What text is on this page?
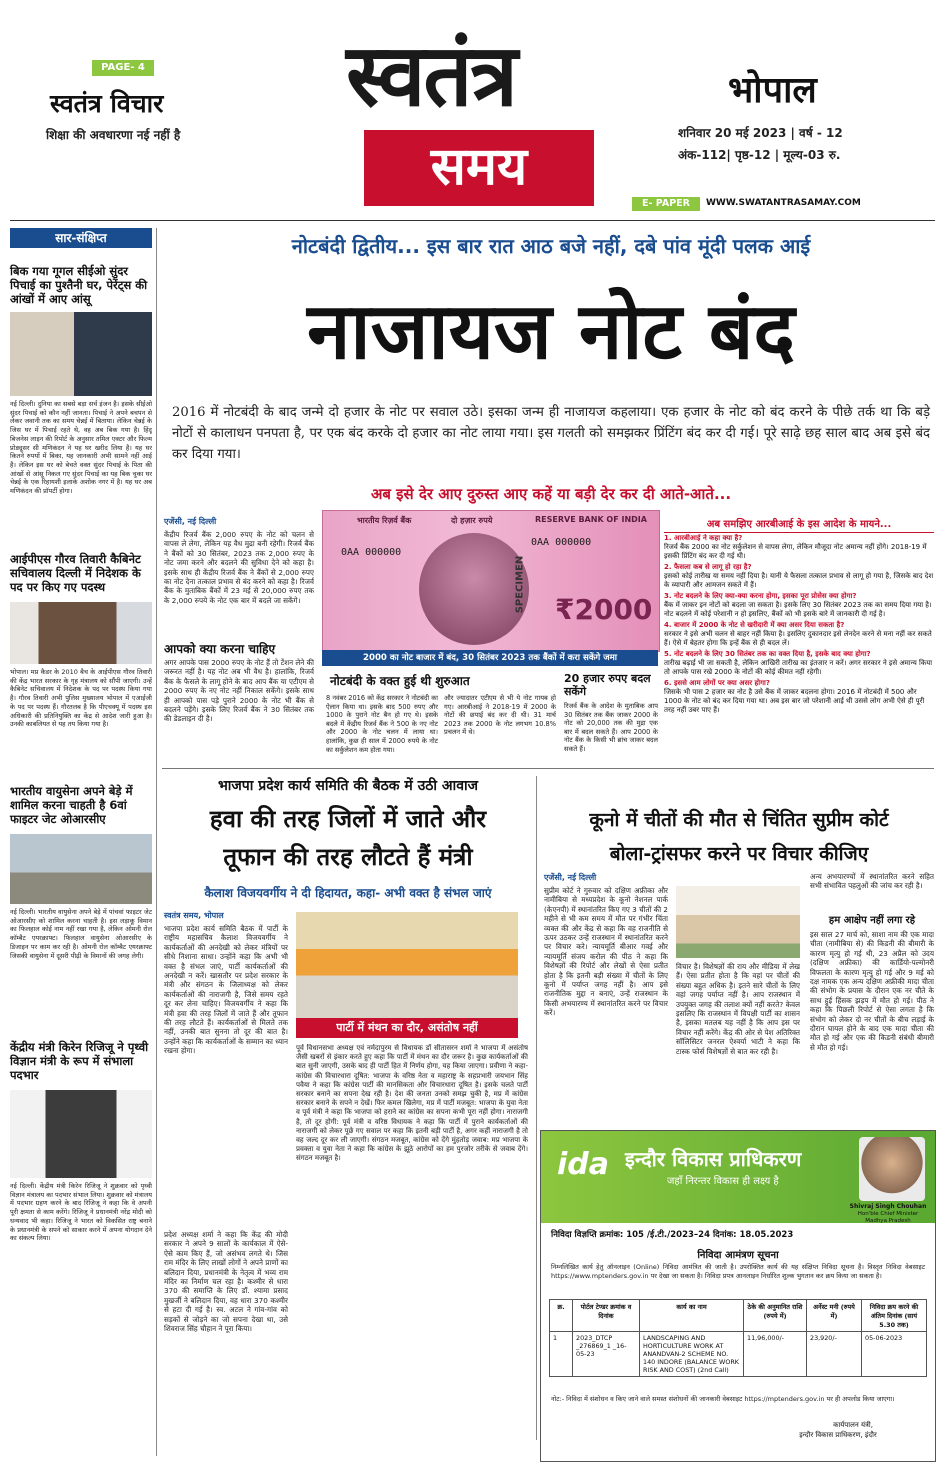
PAGE- 4
स्वतंत्र विचार
शिक्षा की अवधारणा नई नहीं है
स्वतंत्र
समय
भोपाल
शनिवार 20 मई 2023 | वर्ष - 12
अंक-112| पृष्ठ-12 | मूल्य-03 रु.
E- PAPER	WWW.SWATANTRASAMAY.COM
सार-संक्षिप्त
बिक गया गूगल सीईओ सुंदर पिचाई का पुश्तैनी घर, पेरेंट्स की आंखों में आए आंसू
नई दिल्ली। दुनिया का सबसे बड़ा सर्च इंजन है। इसके सीईओ सुंदर पिचाई को कौन नहीं जानता। पिचाई ने अपने बचपन से लेकर जवानी तक का समय चेन्नई में बिताया। लेकिन चेन्नई के जिस घर में पिचाई रहते थे, वह अब बिक गया है। हिंदू बिजनेस लाइन की रिपोर्ट के अनुसार तमिल एक्टर और फिल्म प्रोड्यूसर सी मणिकंदन ने यह घर खरीद लिया है। यह घर कितने रुपयों में बिका, यह जानकारी अभी सामने नहीं आई है। लेकिन इस घर को बेचते वक्त सुंदर पिचाई के पिता की आंखों से आंसू निकल गए सुंदर पिचाई का यह बिक चुका घर चेन्नई के एक रिहायशी इलाके अशोक नगर में है। यह घर अब मणिकंदन की प्रॉपर्टी होगा।
आईपीएस गौरव तिवारी कैबिनेट सचिवालय दिल्ली में निदेशक के पद पर किए गए पदस्थ
भोपाल। मप्र कैडर के 2010 बैच के आईपीएस गौरव तिवारी की केंद्र भारत सरकार के गृह मंत्रालय को सौंपी जाएगी। उन्हें कैबिनेट सचिवालय में निदेशक के पद पर पदस्थ किया गया है। गौरव तिवारी अभी पुलिस मुख्यालय भोपाल में एआईजी के पद पर पदस्थ हैं। गौरतलब है कि पीएचक्यू में पदस्थ इस अधिकारी की प्रतिनियुक्ति का केंद्र से आदेश जारी हुआ है। उनकी काबलियत से यह तय किया गया है।
भारतीय वायुसेना अपने बेड़े में शामिल करना चाहती है 6वां फाइटर जेट ओआरसीए
नई दिल्ली। भारतीय वायुसेना अपने बेड़े में पांचवां फाइटर जेट ओआरसीए को शामिल करना चाहती है। इस लड़ाकू विमान का फिलहाल कोई नाम नहीं रखा गया है, लेकिन ओमनी रोल कॉम्बैट एयरक्राफ्ट। फिलहाल वायुसेना ओआरसीए के डिजाइन पर काम कर रही है। ओमनी रोल कॉम्बैट एयरक्राफ्ट जिसकी वायुसेना में दूसरी पीढ़ी के विमानों की जगह लेगी।
केंद्रीय मंत्री किरेन रिजिजू ने पृथ्वी विज्ञान मंत्री के रूप में संभाला पदभार
नई दिल्ली। केंद्रीय मंत्री किरेन रिजिजू ने शुक्रवार को पृथ्वी विज्ञान मंत्रालय का पदभार संभाल लिया। शुक्रवार को मंत्रालय में पदभार ग्रहण करने के बाद रिजिजू ने कहा कि वे अपनी पूरी क्षमता से काम करेंगे। रिजिजू ने प्रधानमंत्री नरेंद्र मोदी को धन्यवाद भी कहा। रिजिजू ने भारत को विकसित राष्ट्र बनाने के प्रधानमंत्री के सपने को साकार करने में अपना योगदान देने का संकल्प लिया।
नोटबंदी द्वितीय... इस बार रात आठ बजे नहीं, दबे पांव मूंदी पलक आई
नाजायज नोट बंद
2016 में नोटबंदी के बाद जन्मे दो हजार के नोट पर सवाल उठे। इसका जन्म ही नाजायज कहलाया। एक हजार के नोट को बंद करने के पीछे तर्क था कि बड़े नोटों से कालाधन पनपता है, पर एक बंद करके दो हजार का नोट लाया गया। इस गलती को समझकर प्रिंटिंग बंद कर दी गई। पूरे साढ़े छह साल बाद अब इसे बंद कर दिया गया।
अब इसे देर आए दुरुस्त आए कहें या बड़ी देर कर दी आते-आते...
एजेंसी, नई दिल्ली
केंद्रीय रिजर्व बैंक 2,000 रुपए के नोट को चलन से वापस ले लेगा, लेकिन यह वैध मुद्रा बनी रहेगी। रिजर्व बैंक ने बैंकों को 30 सितंबर, 2023 तक 2,000 रुपए के नोट जमा करने और बदलने की सुविधा देने को कहा है। इसके साथ ही केंद्रीय रिजर्व बैंक ने बैंकों से 2,000 रुपए का नोट देना तत्काल प्रभाव से बंद करने को कहा है। रिजर्व बैंक के मुताबिक बैंकों में 23 मई से 20,000 रुपए तक के 2,000 रुपये के नोट एक बार में बदले जा सकेंगे।
आपको क्या करना चाहिए
अगर आपके पास 2000 रुपए के नोट हैं तो टेंशन लेने की जरूरत नहीं है। यह नोट अब भी वैध है। हालांकि, रिजर्व बैंक के फैसले के लागू होने के बाद आप बैंक या एटीएम से 2000 रुपए के नए नोट नहीं निकाल सकेंगे। इसके साथ ही आपको पास पड़े पुराने 2000 के नोट भी बैंक से बदलने पड़ेंगे। इसके लिए रिजर्व बैंक ने 30 सितंबर तक की डेडलाइन दी है।
भारतीय रिज़र्व बैंक	दो हज़ार रुपये	RESERVE BANK OF INDIA
0AA 000000
SPECIMEN
0AA 000000
₹2000
2000 का नोट बाजार में बंद, 30 सितंबर 2023 तक बैंकों में करा सकेंगे जमा
नोटबंदी के वक्त हुई थी शुरुआत
8 नवंबर 2016 को केंद्र सरकार ने नोटबंदी का ऐलान किया था। इसके बाद 500 रुपए और 1000 के पुराने नोट बैन हो गए थे। इसके बदले में केंद्रीय रिजर्व बैंक ने 500 के नए नोट और 2000 के नोट चलन में लाया था। हालांकि, कुछ ही साल में 2000 रुपये के नोट का सर्कुलेशन कम होता गया।
और ज्यादातर एटीएम से भी ये नोट गायब हो गए। आरबीआई ने 2018-19 में 2000 के नोटों की छपाई बंद कर दी थी। 31 मार्च 2023 तक 2000 के नोट लगभग 10.8% प्रचलन में थे।
20 हजार रुपए बदल सकेंगे
रिजर्व बैंक के आदेश के मुताबिक आप 30 सितंबर तक बैंक जाकर 2000 के नोट को 20,000 तक की मुद्रा एक बार में बदल सकते हैं। आप 2000 के नोट बैंक के किसी भी ब्रांच जाकर बदल सकते हैं।
अब समझिए आरबीआई के इस आदेश के मायने...
1. आरबीआई ने कहा क्या है?
रिजर्व बैंक 2000 का नोट सर्कुलेशन से वापस लेगा, लेकिन मौजूदा नोट अमान्य नहीं होंगे। 2018-19 में इसकी प्रिंटिंग बंद कर दी गई थी।
2. फैसला कब से लागू हो रहा है?
इसको कोई तारीख या समय नहीं दिया है। यानी ये फैसला तत्काल प्रभाव से लागू हो गया है, जिसके बाद देश के व्यापारी और आमजन सकते में हैं।
3. नोट बदलने के लिए क्या-क्या करना होगा, इसका पूरा प्रोसेस क्या होगा?
बैंक में जाकर इन नोटों को बदला जा सकता है। इसके लिए 30 सितंबर 2023 तक का समय दिया गया है। नोट बदलने में कोई परेशानी न हो इसलिए, बैंकों को भी इसके बारे में जानकारी दी गई है।
4. बाजार में 2000 के नोट से खरीदारी में क्या असर दिया सकता है?
सरकार ने इसे अभी चलन से बाहर नहीं किया है। इसलिए दुकानदार इसे लेनदेन करने से मना नहीं कर सकते हैं। ऐसे में बेहतर होगा कि इन्हें बैंक से ही बदल लें।
5. नोट बदलने के लिए 30 सितंबर तक का वक्त दिया है, इसके बाद क्या होगा?
तारीख बढ़ाई भी जा सकती है, लेकिन आखिरी तारीख का इंतजार न करें। अगर सरकार ने इसे अमान्य किया तो आपके पास रखे 2000 के नोटों की कोई कीमत नहीं रहेगी।
6. इससे आम लोगों पर क्या असर होगा?
जिसके भी पास 2 हजार का नोट है उसे बैंक में जाकर बदलना होगा। 2016 में नोटबंदी में 500 और 1000 के नोट को बंद कर दिया गया था। अब इस बार जो परेशानी आई थी उससे लोग अभी ऐसे ही पूरी तरह नहीं उबर पाए हैं।
भाजपा प्रदेश कार्य समिति की बैठक में उठी आवाज
हवा की तरह जिलों में जाते और
तूफान की तरह लौटते हैं मंत्री
कैलाश विजयवर्गीय ने दी हिदायत, कहा- अभी वक्त है संभल जाएं
स्वतंत्र समय, भोपाल
भाजपा प्रदेश कार्य समिति बैठक में पार्टी के राष्ट्रीय महासचिव कैलाश विजयवर्गीय ने कार्यकर्ताओं की अनदेखी को लेकर मंत्रियों पर सीधे निशाना साधा। उन्होंने कहा कि अभी भी वक्त है संभल जाएं, पार्टी कार्यकर्ताओं की अनदेखी न करें। खासतौर पर प्रदेश सरकार के मंत्री और संगठन के जिलाध्यक्ष को लेकर कार्यकर्ताओं की नाराजगी है, जिसे समय रहते दूर कर लेना चाहिए। विजयवर्गीय ने कहा कि मंत्री हवा की तरह जिलों में जाते हैं और तूफान की तरह लौटते हैं। कार्यकर्ताओं से मिलते तक नहीं, उनकी बात सुनना तो दूर की बात है। उन्होंने कहा कि कार्यकर्ताओं के सम्मान का ध्यान रखना होगा।
प्रदेश अध्यक्ष शर्मा ने कहा कि केंद्र की मोदी सरकार ने अपने 9 सालों के कार्यकाल में ऐसे-ऐसे काम किए हैं, जो असंभव लगते थे। जिस राम मंदिर के लिए लाखों लोगों ने अपने प्राणों का बलिदान दिया, प्रधानमंत्री के नेतृत्व में भव्य राम मंदिर का निर्माण चल रहा है। कश्मीर से धारा 370 की समाप्ति के लिए डॉ. श्यामा प्रसाद मुखर्जी ने बलिदान दिया, वह धारा 370 कश्मीर से हटा दी गई है। स्व. अटल ने गांव-गांव को सड़कों से जोड़ने का जो सपना देखा था, उसे शिवराज सिंह चौहान ने पूरा किया।
पार्टी में मंथन का दौर, असंतोष नहीं
पूर्व विधानसभा अध्यक्ष एवं नर्मदापुरम से विधायक डॉ सीतासरन शर्मा ने भाजपा में असंतोष जैसी खबरों से इंकार करते हुए कहा कि पार्टी में मंथन का दौर जरूर है। कुछ कार्यकर्ताओं की बात सुनी जाएगी, उसके बाद ही पार्टी हित में निर्णय होगा, यह किया जाएगा। प्रवीणा ने कहा- कांग्रेस की विचारधारा दूषित: भाजपा के वरिष्ठ नेता व महाराष्ट्र के सहप्रभारी जयभान सिंह पवैया ने कहा कि कांग्रेस पार्टी की मानसिकता और विचारधारा दूषित है। इसके चलते पार्टी सरकार बनाने का सपना देख रही है। देश की जनता उनको समझ चुकी है, मप्र में कांग्रेस सरकार बनाने के सपने न देखें। फिर कमल खिलेगा, मप्र में पार्टी मजबूत: भाजपा के युवा नेता व पूर्व मंत्री ने कहा कि भाजपा को हराने का कांग्रेस का सपना कभी पूरा नहीं होगा। नाराजगी है, तो दूर होगी: पूर्व मंत्री व वरिष्ठ विधायक ने कहा कि पार्टी में पुराने कार्यकर्ताओं की नाराजगी को लेकर पूछे गए सवाल पर कहा कि इतनी बड़ी पार्टी है, अगर कहीं नाराजगी है तो वह जल्द दूर कर ली जाएगी। संगठन मजबूत, कांग्रेस को देंगे मुंहतोड़ जवाब: मप्र भाजपा के प्रवक्ता व युवा नेता ने कहा कि कांग्रेस के झूठे आरोपों का हम पुरजोर तरीके से जवाब देंगे। संगठन मजबूत है।
कूनो में चीतों की मौत से चिंतित सुप्रीम कोर्ट
बोला-ट्रांसफर करने पर विचार कीजिए
एजेंसी, नई दिल्ली
सुप्रीम कोर्ट ने गुरुवार को दक्षिण अफ्रीका और नामीबिया से मध्यप्रदेश के कूनो नेशनल पार्क (केएनपी) में स्थानांतरित किए गए 3 चीतों की 2 महीने से भी कम समय में मौत पर गंभीर चिंता व्यक्त की और केंद्र से कहा कि वह राजनीति से ऊपर उठकर उन्हें राजस्थान में स्थानांतरित करने पर विचार करे। न्यायमूर्ति बीआर गवई और न्यायमूर्ति संजय करोल की पीठ ने कहा कि विशेषज्ञों की रिपोर्ट और लेखों से ऐसा प्रतीत होता है कि इतनी बड़ी संख्या में चीतों के लिए कूनो में पर्याप्त जगह नहीं है। आप इसे राजनीतिक मुद्दा न बनाएं, उन्हें राजस्थान के किसी अभयारण्य में स्थानांतरित करने पर विचार करें।
विचार है। विशेषज्ञों की राय और मीडिया में लेख हैं। ऐसा प्रतीत होता है कि वहां पर चीतों की संख्या बहुत अधिक है। इतने सारे चीतों के लिए वहां जगह पर्याप्त नहीं है। आप राजस्थान में उपयुक्त जगह की तलाश क्यों नहीं करते? केवल इसलिए कि राजस्थान में विपक्षी पार्टी का शासन है, इसका मतलब यह नहीं है कि आप इस पर विचार नहीं करेंगे। केंद्र की ओर से पेश अतिरिक्त सॉलिसिटर जनरल ऐश्वर्या भाटी ने कहा कि टास्क फोर्स विशेषज्ञों से बात कर रही है।
अन्य अभयारण्यों में स्थानांतरित करने सहित सभी संभावित पहलुओं की जांच कर रही है।
हम आक्षेप नहीं लगा रहे
इस साल 27 मार्च को, साशा नाम की एक मादा चीता (नामीबिया से) की किडनी की बीमारी के कारण मृत्यु हो गई थी, 23 अप्रैल को उदय (दक्षिण अफ्रीका) की कार्डियो-पल्मोनरी विफलता के कारण मृत्यु हो गई और 9 मई को दक्ष नामक एक अन्य दक्षिण अफ्रीकी मादा चीता की संभोग के प्रयास के दौरान एक नर चीते के साथ हुई हिंसक झड़प में मौत हो गई। पीठ ने कहा कि पिछली रिपोर्ट से ऐसा लगता है कि संभोग को लेकर दो नर चीतों के बीच लड़ाई के दौरान घायल होने के बाद एक मादा चीता की मौत हो गई और एक की किडनी संबंधी बीमारी से मौत हो गई।
ida इन्दौर विकास प्राधिकरण
जहाँ निरन्तर विकास ही लक्ष्य है
Shivraj Singh Chouhan
Hon'ble Chief Minister
Madhya Pradesh
निविदा विज्ञप्ति क्रमांक: 105 /ई.टी./2023–24 दिनांक: 18.05.2023
निविदा आमंत्रण सूचना
निम्नलिखित कार्य हेतु ऑनलाइन (Online) निविदा आमंत्रित की जाती है। उपरोक्तित कार्य की यह संक्षिप्त निविदा सूचना है। विस्तृत निविदा वेबसाइट https://www.mptenders.gov.in पर देखा जा सकता है। निविदा प्रपत्र आनलाइन निर्धारित शुल्क भुगतान कर क्रय किया जा सकता है।
क्र.	पोर्टल टेण्डर क्रमांक व दिनांक	कार्य का नाम	ठेके की अनुमानित राशि (रुपये में)	अर्नेस्ट मनी (रुपये में)	निविदा क्रय करने की अंतिम दिनांक (सायं 5.30 तक)
1	2023_DTCP _276869_1 _16-05-23	LANDSCAPING AND HORTICULTURE WORK AT ANANDVAN-2 SCHEME NO. 140 INDORE (BALANCE WORK RISK AND COST) (2nd Call)	11,96,000/-	23,920/-	05-06-2023
नोट:- निविदा में संशोधन व किए जाने वाले समस्त संशोधनों की जानकारी वेबसाइट https://mptenders.gov.in पर ही अपलोड किया जाएगा।
कार्यपालन यंत्री,
इन्दौर विकास प्राधिकरण, इंदौर
